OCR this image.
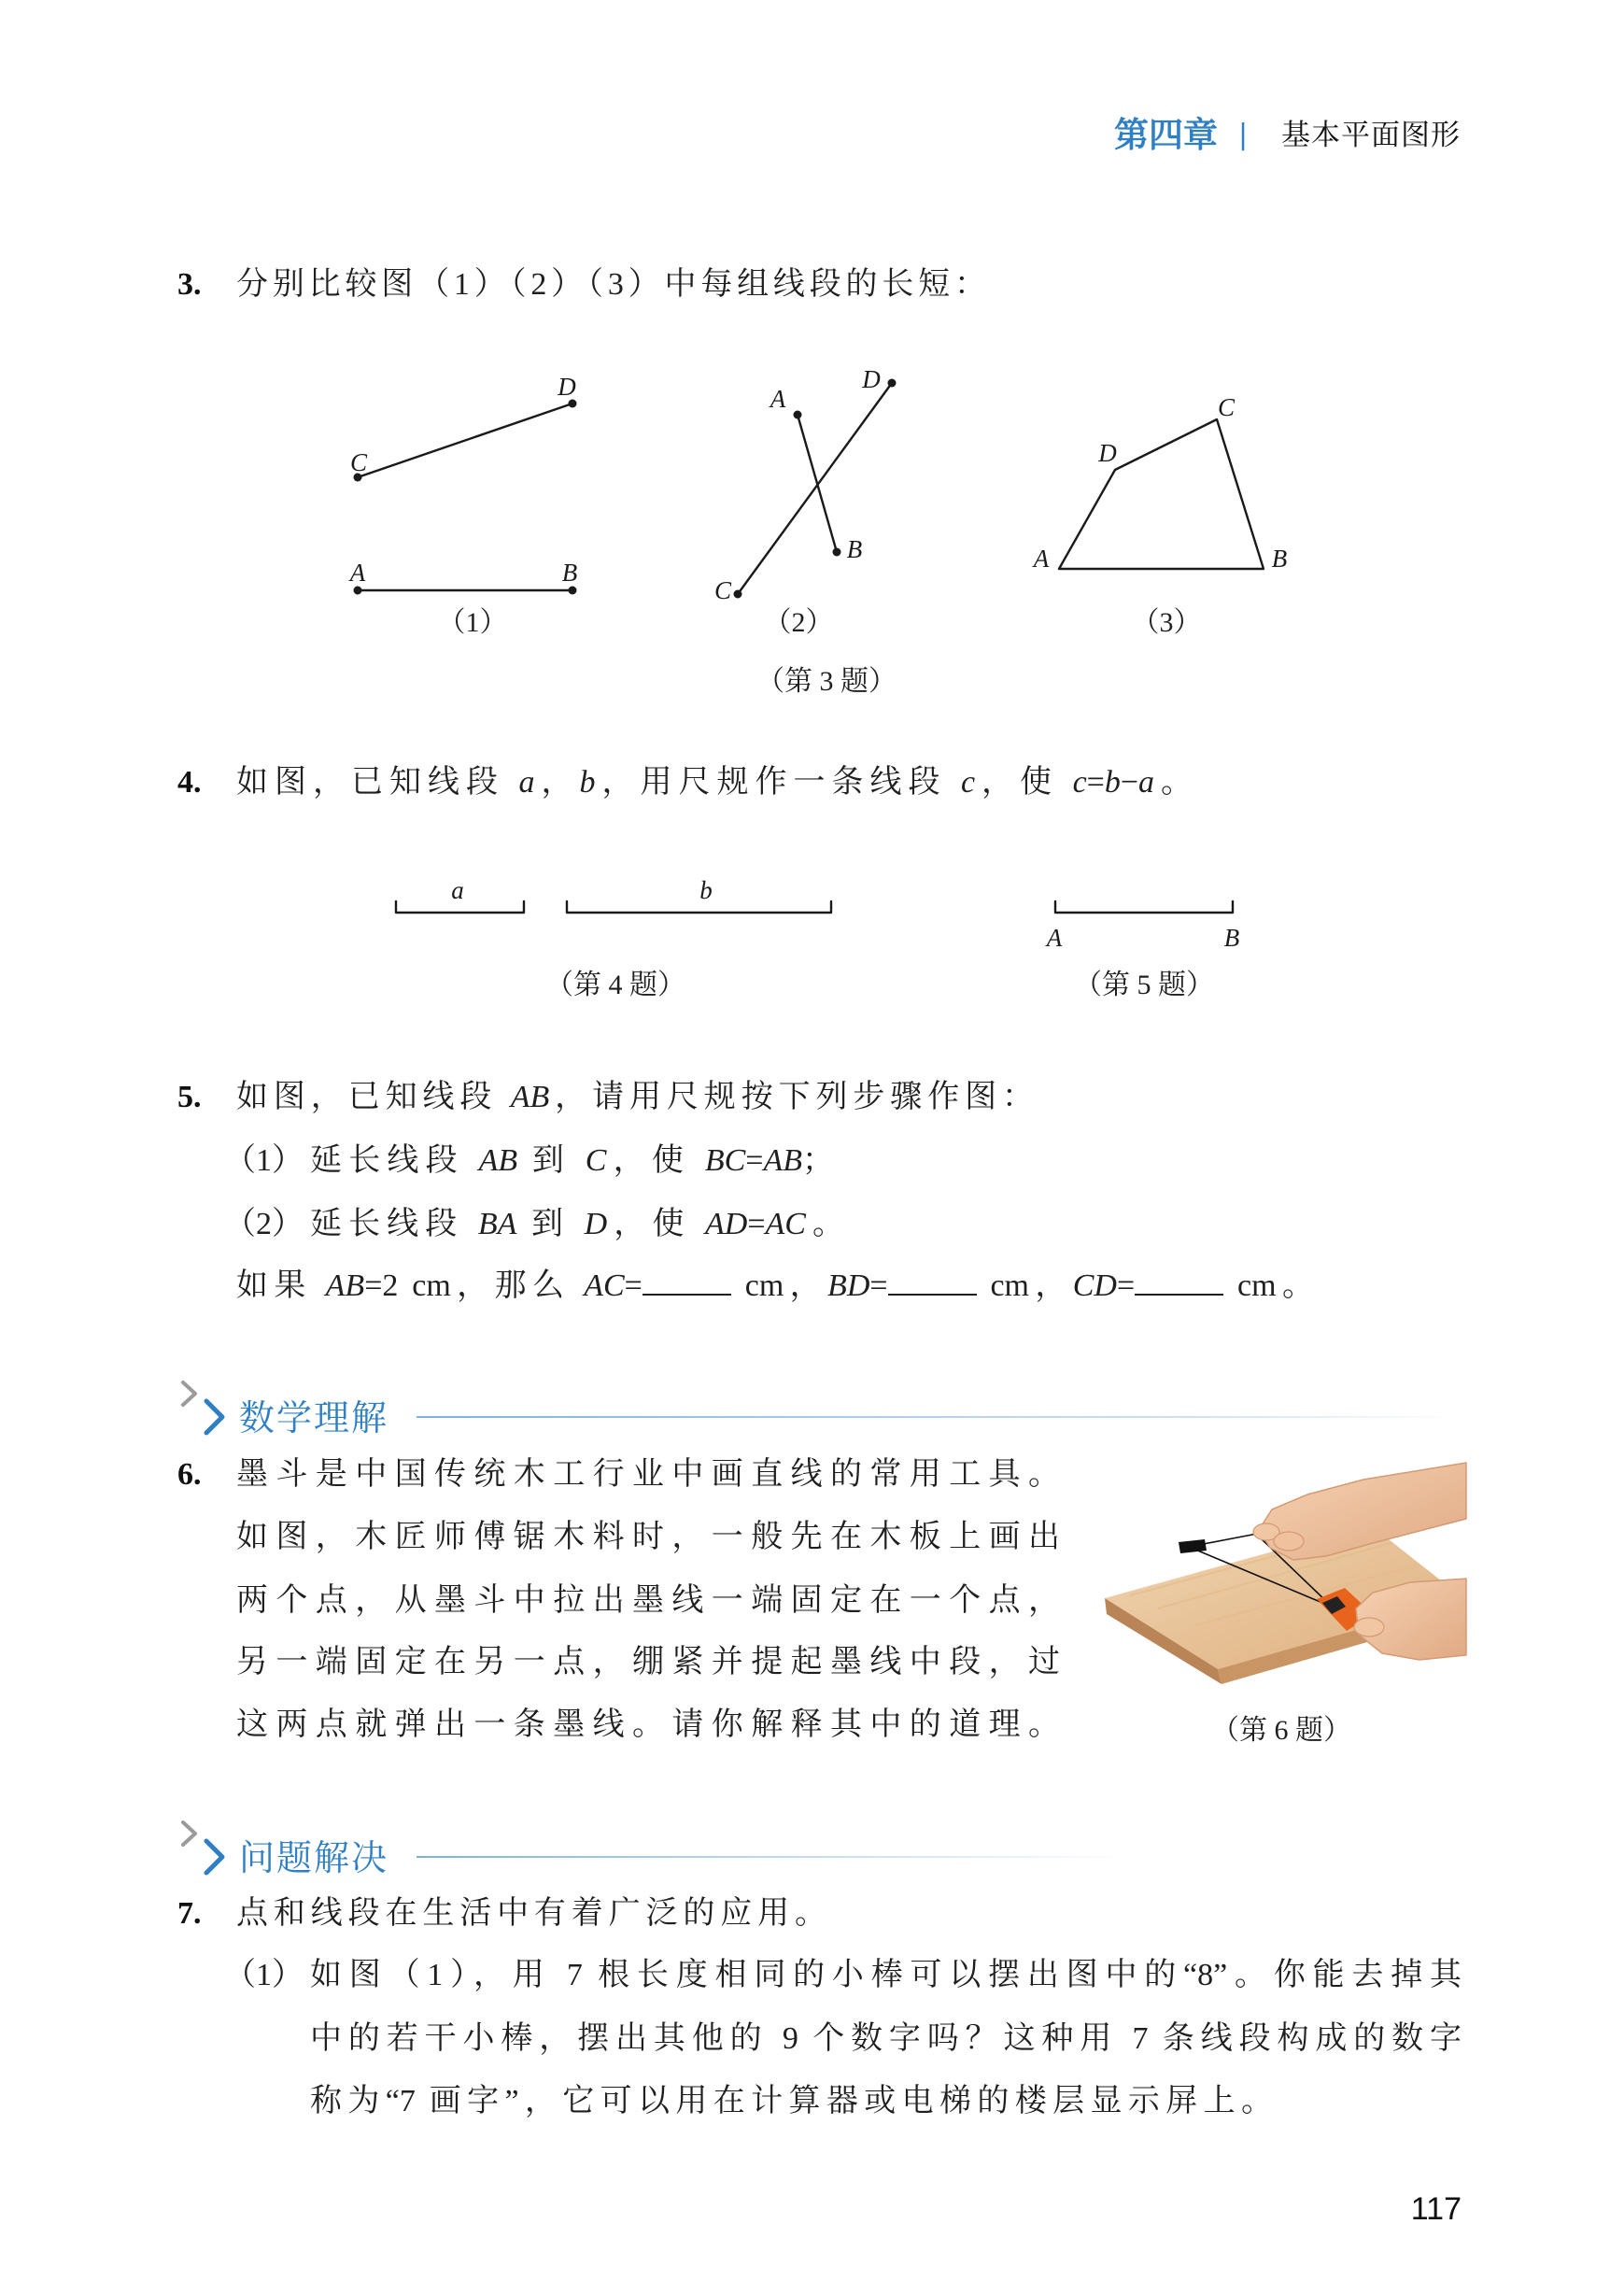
第四章 | 基本平面图形
3. 分别比较图（1）（2）（3）中每组线段的长短：
D
C
A	B
A
D
B
C
A	B
C
D
（1）	（2）	（3）
（第 3 题）
4. 如图，已知线段 a，b，用尺规作一条线段 c，使 c=b−a。
a	b
A	B
（第 4 题）	（第 5 题）
5. 如图，已知线段 AB，请用尺规按下列步骤作图：
（1） 延长线段 AB 到 C，使 BC=AB；
（2） 延长线段 BA 到 D，使 AD=AC。
如果 AB=2 cm，那么 AC=	cm，BD=	cm，CD=	cm。
数学理解
6. 墨斗是中国传统木工行业中画直线的常用工具。
如图，木匠师傅锯木料时，一般先在木板上画出
两个点，从墨斗中拉出墨线一端固定在一个点，
另一端固定在另一点，绷紧并提起墨线中段，过
这两点就弹出一条墨线。请你解释其中的道理。	（第 6 题）
问题解决
7. 点和线段在生活中有着广泛的应用。
（1） 如图（1），用 7 根长度相同的小棒可以摆出图中的“8”。你能去掉其
中的若干小棒，摆出其他的 9 个数字吗？这种用 7 条线段构成的数字
称为“7 画字”，它可以用在计算器或电梯的楼层显示屏上。
117
